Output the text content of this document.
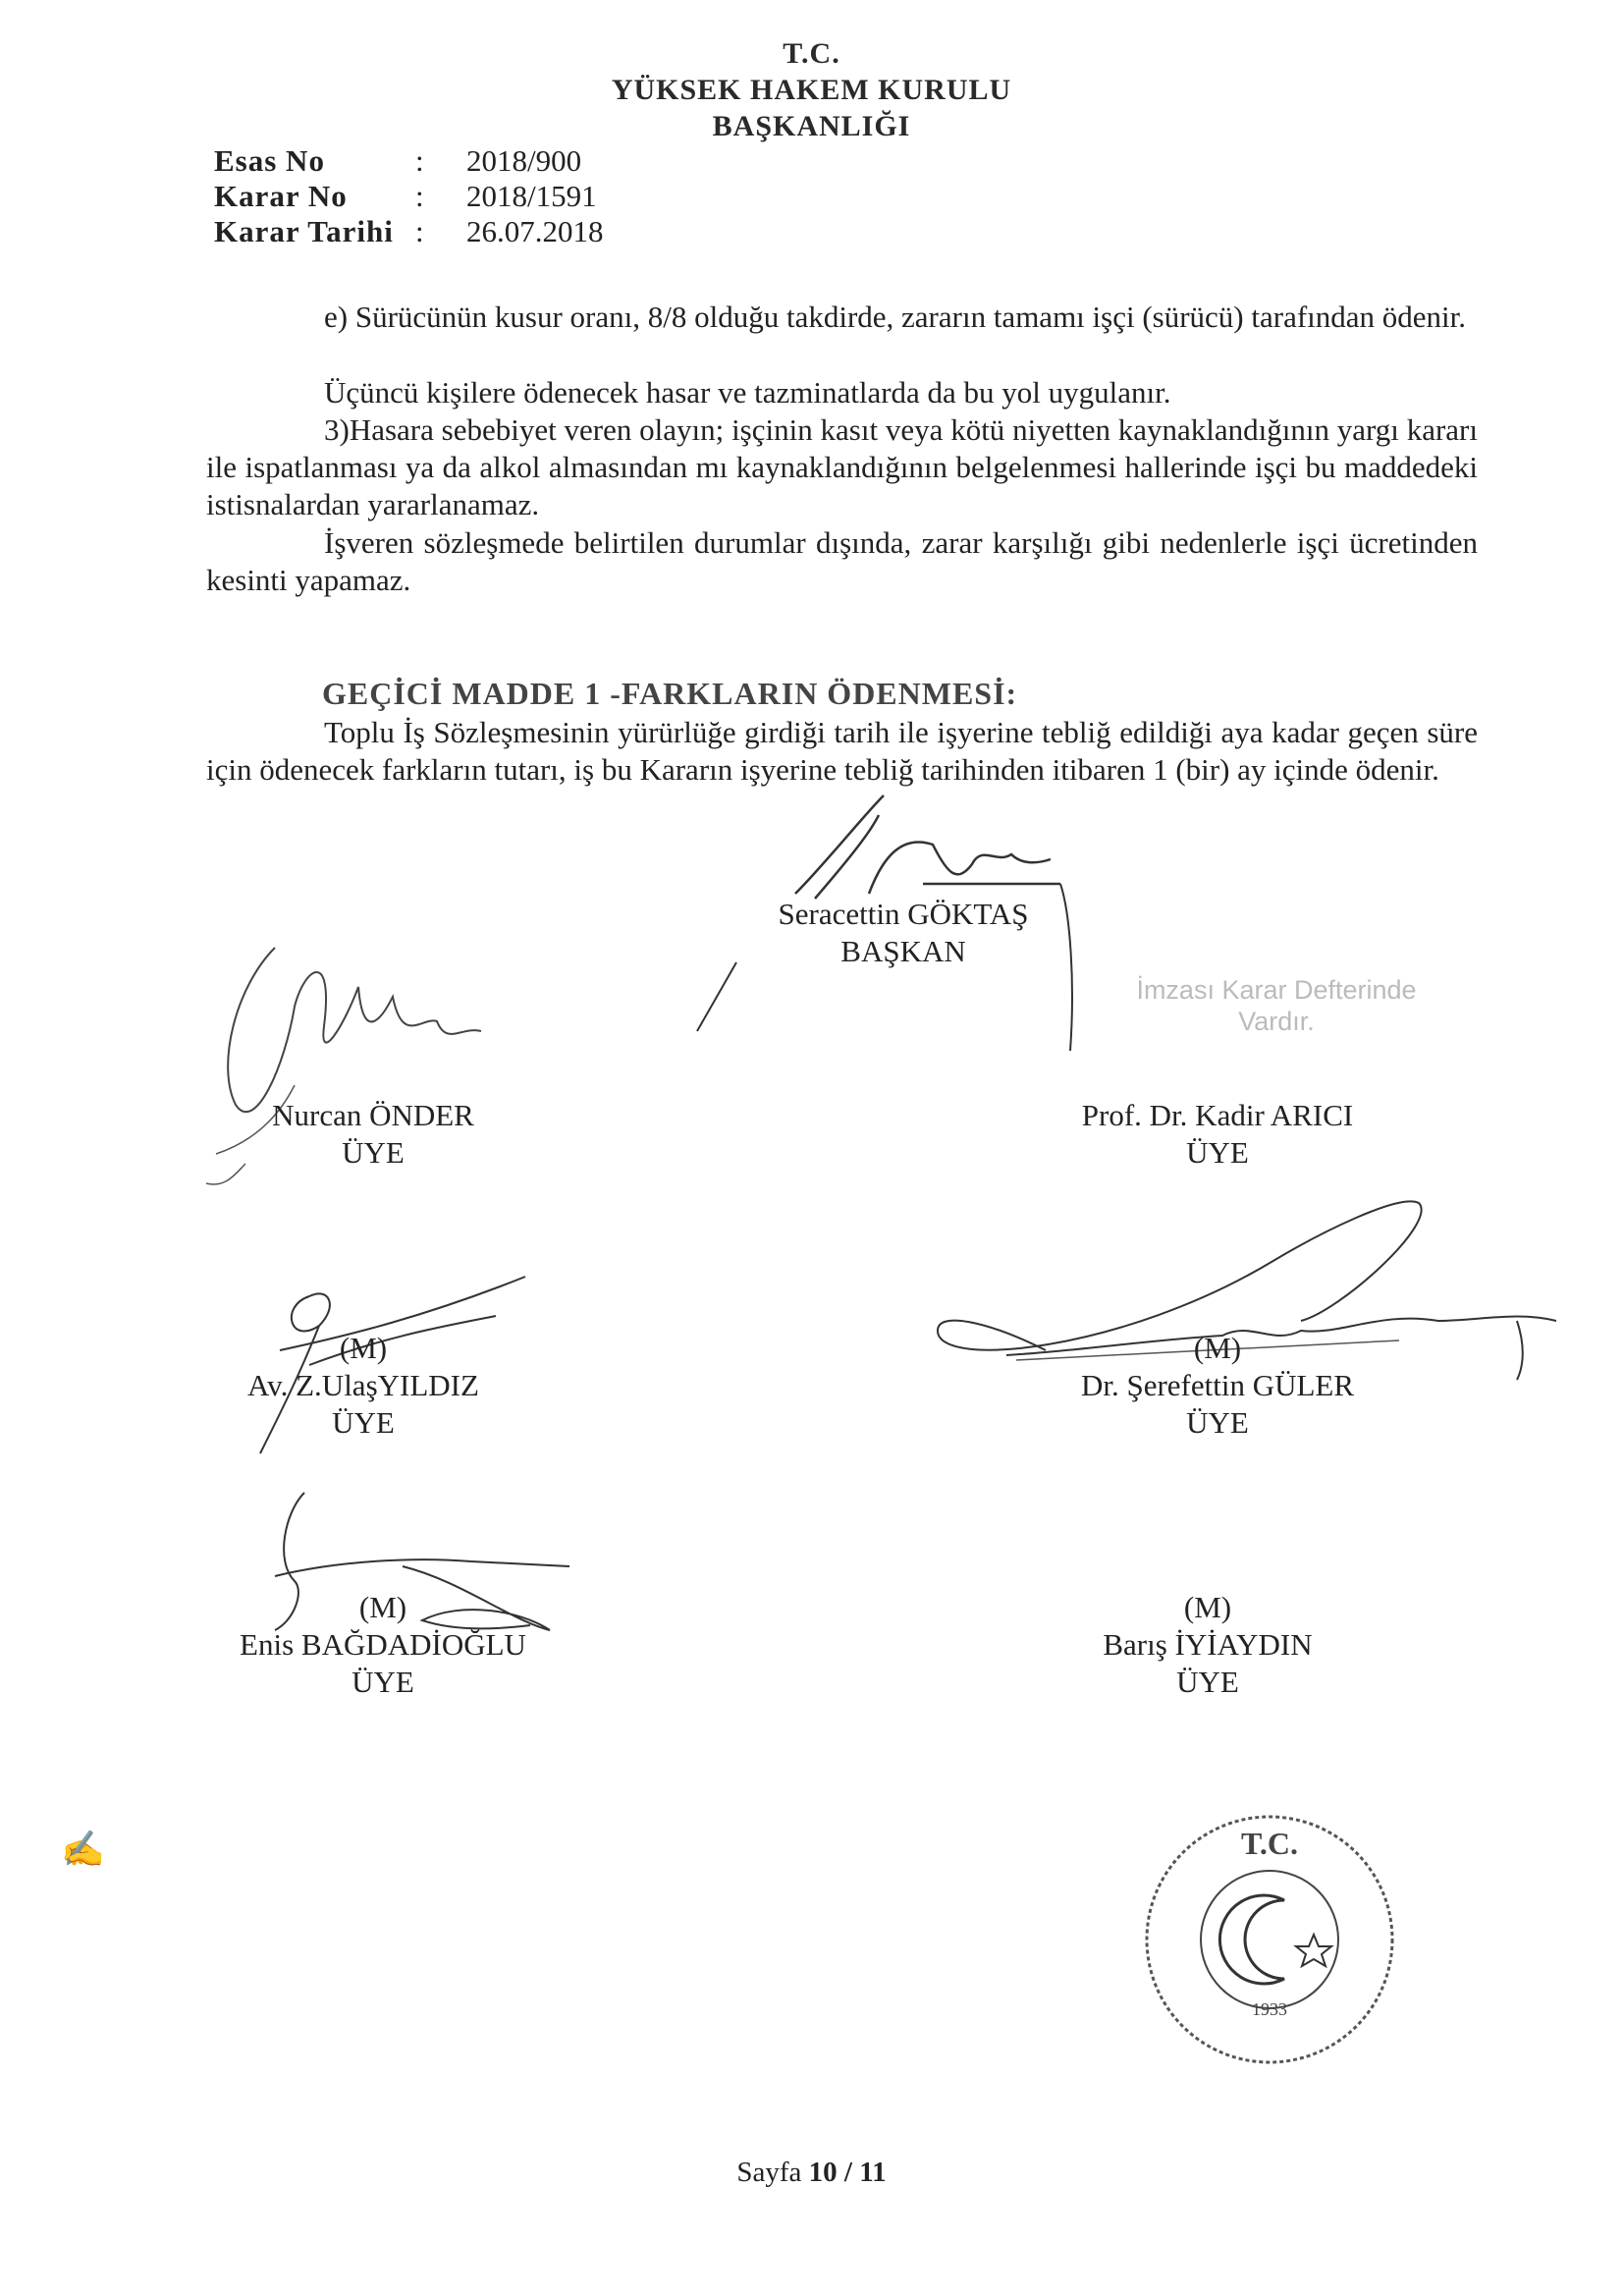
T.C.
YÜKSEK HAKEM KURULU
BAŞKANLIĞI
Esas No	: 2018/900
Karar No : 2018/1591
Karar Tarihi : 26.07.2018
e) Sürücünün kusur oranı, 8/8 olduğu takdirde, zararın tamamı işçi (sürücü) tarafından ödenir.
Üçüncü kişilere ödenecek hasar ve tazminatlarda da bu yol uygulanır.
3)Hasara sebebiyet veren olayın; işçinin kasıt veya kötü niyetten kaynaklandığının yargı kararı ile ispatlanması ya da alkol almasından mı kaynaklandığının belgelenmesi hallerinde işçi bu maddedeki istisnalardan yararlanamaz.
İşveren sözleşmede belirtilen durumlar dışında, zarar karşılığı gibi nedenlerle işçi ücretinden kesinti yapamaz.
GEÇİCİ MADDE 1 -FARKLARIN ÖDENMESİ:
Toplu İş Sözleşmesinin yürürlüğe girdiği tarih ile işyerine tebliğ edildiği aya kadar geçen süre için ödenecek farkların tutarı, iş bu Kararın işyerine tebliğ tarihinden itibaren 1 (bir) ay içinde ödenir.
Seracettin GÖKTAŞ
BAŞKAN
İmzası Karar Defterinde Vardır.
Nurcan ÖNDER
ÜYE
Prof. Dr. Kadir ARICI
ÜYE
(M)
Av. Z.UlaşYILDIZ
ÜYE
(M)
Dr. Şerefettin GÜLER
ÜYE
(M)
Enis BAĞDADİOĞLU
ÜYE
(M)
Barış İYİAYDIN
ÜYE
✍	T.C.
1933
Sayfa 10 / 11
